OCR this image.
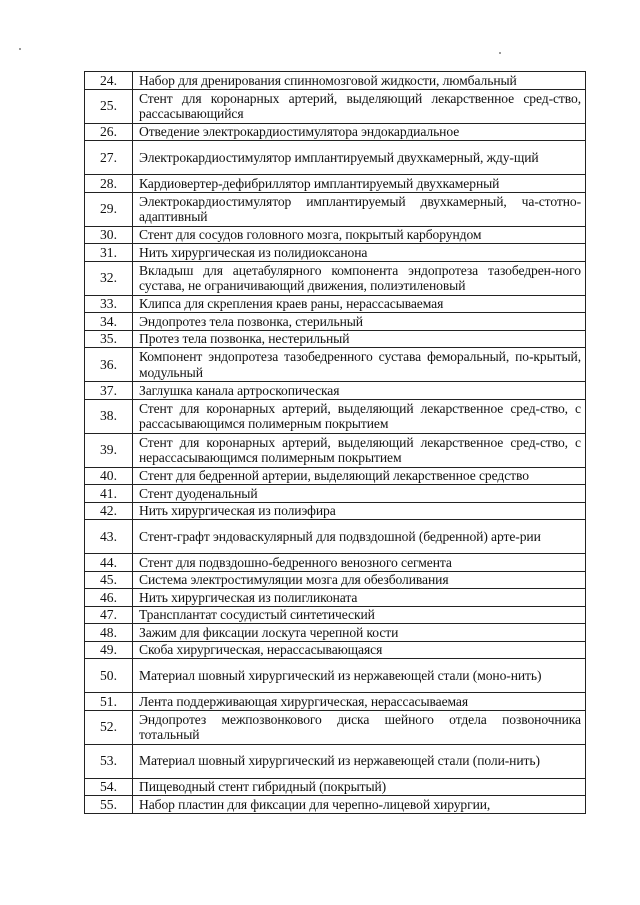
24.	Набор для дренирования спинномозговой жидкости, люмбальный
25.	Стент для коронарных артерий, выделяющий лекарственное сред-ство, рассасывающийся
26.	Отведение электрокардиостимулятора эндокардиальное
27.	Электрокардиостимулятор имплантируемый двухкамерный, жду-щий
28.	Кардиовертер-дефибриллятор имплантируемый двухкамерный
29.	Электрокардиостимулятор имплантируемый двухкамерный, ча-стотно-адаптивный
30.	Стент для сосудов головного мозга, покрытый карборундом
31.	Нить хирургическая из полидиоксанона
32.	Вкладыш для ацетабулярного компонента эндопротеза тазобедрен-ного сустава, не ограничивающий движения, полиэтиленовый
33.	Клипса для скрепления краев раны, нерассасываемая
34.	Эндопротез тела позвонка, стерильный
35.	Протез тела позвонка, нестерильный
36.	Компонент эндопротеза тазобедренного сустава феморальный, по-крытый, модульный
37.	Заглушка канала артроскопическая
38.	Стент для коронарных артерий, выделяющий лекарственное сред-ство, с рассасывающимся полимерным покрытием
39.	Стент для коронарных артерий, выделяющий лекарственное сред-ство, с нерассасывающимся полимерным покрытием
40.	Стент для бедренной артерии, выделяющий лекарственное средство
41.	Стент дуоденальный
42.	Нить хирургическая из полиэфира
43.	Стент-графт эндоваскулярный для подвздошной (бедренной) арте-рии
44.	Стент для подвздошно-бедренного венозного сегмента
45.	Система электростимуляции мозга для обезболивания
46.	Нить хирургическая из полигликоната
47.	Трансплантат сосудистый синтетический
48.	Зажим для фиксации лоскута черепной кости
49.	Скоба хирургическая, нерассасывающаяся
50.	Материал шовный хирургический из нержавеющей стали (моно-нить)
51.	Лента поддерживающая хирургическая, нерассасываемая
52.	Эндопротез межпозвонкового диска шейного отдела позвоночника тотальный
53.	Материал шовный хирургический из нержавеющей стали (поли-нить)
54.	Пищеводный стент гибридный (покрытый)
55.	Набор пластин для фиксации для черепно-лицевой хирургии,
